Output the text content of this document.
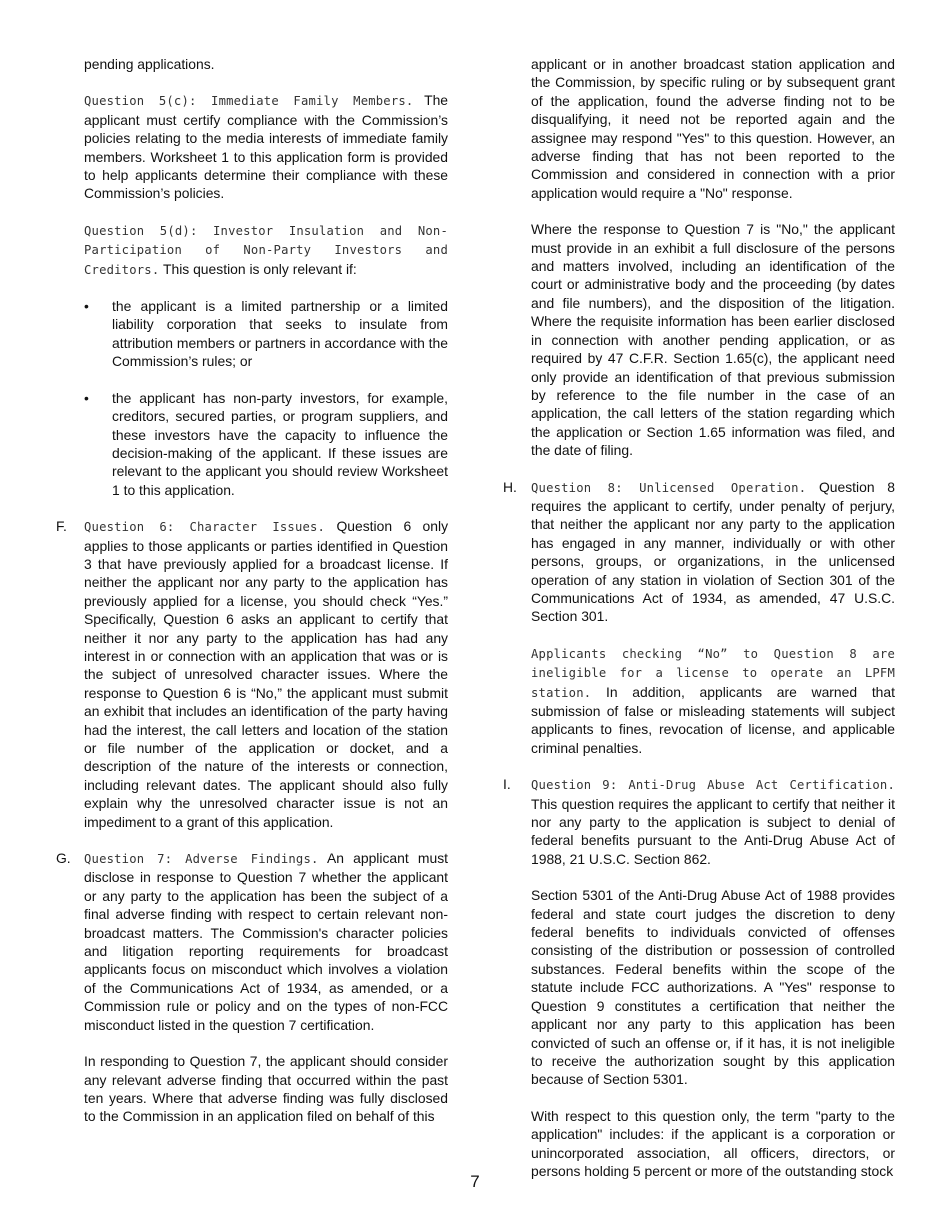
pending applications.

Question 5(c): Immediate Family Members. The applicant must certify compliance with the Commission’s policies relating to the media interests of immediate family members. Worksheet 1 to this application form is provided to help applicants determine their compliance with these Commission’s policies.

Question 5(d): Investor Insulation and Non-Participation of Non-Party Investors and Creditors. This question is only relevant if:

• the applicant is a limited partnership or a limited liability corporation that seeks to insulate from attribution members or partners in accordance with the Commission’s rules; or

• the applicant has non-party investors, for example, creditors, secured parties, or program suppliers, and these investors have the capacity to influence the decision-making of the applicant. If these issues are relevant to the applicant you should review Worksheet 1 to this application.

F. Question 6: Character Issues. Question 6 only applies to those applicants or parties identified in Question 3 that have previously applied for a broadcast license. If neither the applicant nor any party to the application has previously applied for a license, you should check “Yes.” Specifically, Question 6 asks an applicant to certify that neither it nor any party to the application has had any interest in or connection with an application that was or is the subject of unresolved character issues. Where the response to Question 6 is “No,” the applicant must submit an exhibit that includes an identification of the party having had the interest, the call letters and location of the station or file number of the application or docket, and a description of the nature of the interests or connection, including relevant dates. The applicant should also fully explain why the unresolved character issue is not an impediment to a grant of this application.

G. Question 7: Adverse Findings. An applicant must disclose in response to Question 7 whether the applicant or any party to the application has been the subject of a final adverse finding with respect to certain relevant non-broadcast matters. The Commission's character policies and litigation reporting requirements for broadcast applicants focus on misconduct which involves a violation of the Communications Act of 1934, as amended, or a Commission rule or policy and on the types of non-FCC misconduct listed in the question 7 certification.

In responding to Question 7, the applicant should consider any relevant adverse finding that occurred within the past ten years. Where that adverse finding was fully disclosed to the Commission in an application filed on behalf of this

applicant or in another broadcast station application and the Commission, by specific ruling or by subsequent grant of the application, found the adverse finding not to be disqualifying, it need not be reported again and the assignee may respond "Yes" to this question. However, an adverse finding that has not been reported to the Commission and considered in connection with a prior application would require a "No" response.

Where the response to Question 7 is "No," the applicant must provide in an exhibit a full disclosure of the persons and matters involved, including an identification of the court or administrative body and the proceeding (by dates and file numbers), and the disposition of the litigation. Where the requisite information has been earlier disclosed in connection with another pending application, or as required by 47 C.F.R. Section 1.65(c), the applicant need only provide an identification of that previous submission by reference to the file number in the case of an application, the call letters of the station regarding which the application or Section 1.65 information was filed, and the date of filing.

H. Question 8: Unlicensed Operation. Question 8 requires the applicant to certify, under penalty of perjury, that neither the applicant nor any party to the application has engaged in any manner, individually or with other persons, groups, or organizations, in the unlicensed operation of any station in violation of Section 301 of the Communications Act of 1934, as amended, 47 U.S.C. Section 301.

Applicants checking “No” to Question 8 are ineligible for a license to operate an LPFM station. In addition, applicants are warned that submission of false or misleading statements will subject applicants to fines, revocation of license, and applicable criminal penalties.

I. Question 9: Anti-Drug Abuse Act Certification. This question requires the applicant to certify that neither it nor any party to the application is subject to denial of federal benefits pursuant to the Anti-Drug Abuse Act of 1988, 21 U.S.C. Section 862.

Section 5301 of the Anti-Drug Abuse Act of 1988 provides federal and state court judges the discretion to deny federal benefits to individuals convicted of offenses consisting of the distribution or possession of controlled substances. Federal benefits within the scope of the statute include FCC authorizations. A "Yes" response to Question 9 constitutes a certification that neither the applicant nor any party to this application has been convicted of such an offense or, if it has, it is not ineligible to receive the authorization sought by this application because of Section 5301.

With respect to this question only, the term "party to the application" includes: if the applicant is a corporation or unincorporated association, all officers, directors, or persons holding 5 percent or more of the outstanding stock

7
